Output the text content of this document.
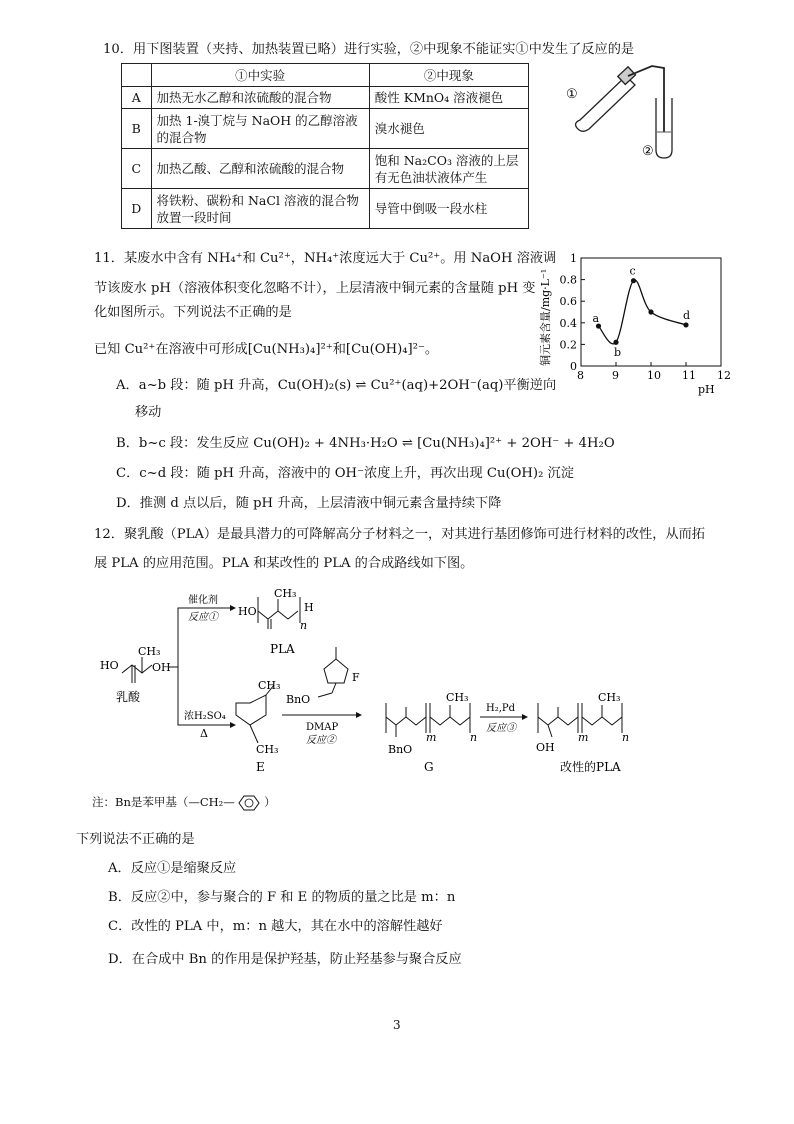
10．用下图装置（夹持、加热装置已略）进行实验，②中现象不能证实①中发生了反应的是
	①中实验	②中现象
A	加热无水乙醇和浓硫酸的混合物	酸性 KMnO₄ 溶液褪色
B	加热 1-溴丁烷与 NaOH 的乙醇溶液的混合物	溴水褪色
C	加热乙酸、乙醇和浓硫酸的混合物	饱和 Na₂CO₃ 溶液的上层有无色油状液体产生
D	将铁粉、碳粉和 NaCl 溶液的混合物放置一段时间	导管中倒吸一段水柱
①
②
11．某废水中含有 NH₄⁺和 Cu²⁺，NH₄⁺浓度远大于 Cu²⁺。用 NaOH 溶液调
节该废水 pH（溶液体积变化忽略不计），上层清液中铜元素的含量随 pH 变
化如图所示。下列说法不正确的是
已知 Cu²⁺在溶液中可形成[Cu(NH₃)₄]²⁺和[Cu(OH)₄]²⁻。	铜元素含量/mg·L⁻¹
8	9	10 11 12
0
0.2
0.4
0.6
0.8
1
a
b
c
d
pH
A．a~b 段：随 pH 升高，Cu(OH)₂(s) ⇌ Cu²⁺(aq)+2OH⁻(aq)平衡逆向
移动
B．b~c 段：发生反应 Cu(OH)₂ + 4NH₃·H₂O ⇌ [Cu(NH₃)₄]²⁺ + 2OH⁻ + 4H₂O
C．c~d 段：随 pH 升高，溶液中的 OH⁻浓度上升，再次出现 Cu(OH)₂ 沉淀
D．推测 d 点以后，随 pH 升高，上层清液中铜元素含量持续下降
12．聚乳酸（PLA）是最具潜力的可降解高分子材料之一，对其进行基团修饰可进行材料的改性，从而拓
展 PLA 的应用范围。PLA 和某改性的 PLA 的合成路线如下图。
HO
CH₃
OH
乳酸
催化剂
反应①
浓H₂SO₄
Δ
HO
CH₃
H
n
PLA
CH₃
CH₃
E
F
BnO
DMAP
反应②
BnO
CH₃
m	n
G
H₂,Pd
反应③
OH
CH₃
m	n
改性的PLA
注：Bn是苯甲基（—CH₂—	）
下列说法不正确的是
A．反应①是缩聚反应
B．反应②中，参与聚合的 F 和 E 的物质的量之比是 m：n
C．改性的 PLA 中，m：n 越大，其在水中的溶解性越好
D．在合成中 Bn 的作用是保护羟基，防止羟基参与聚合反应
3
